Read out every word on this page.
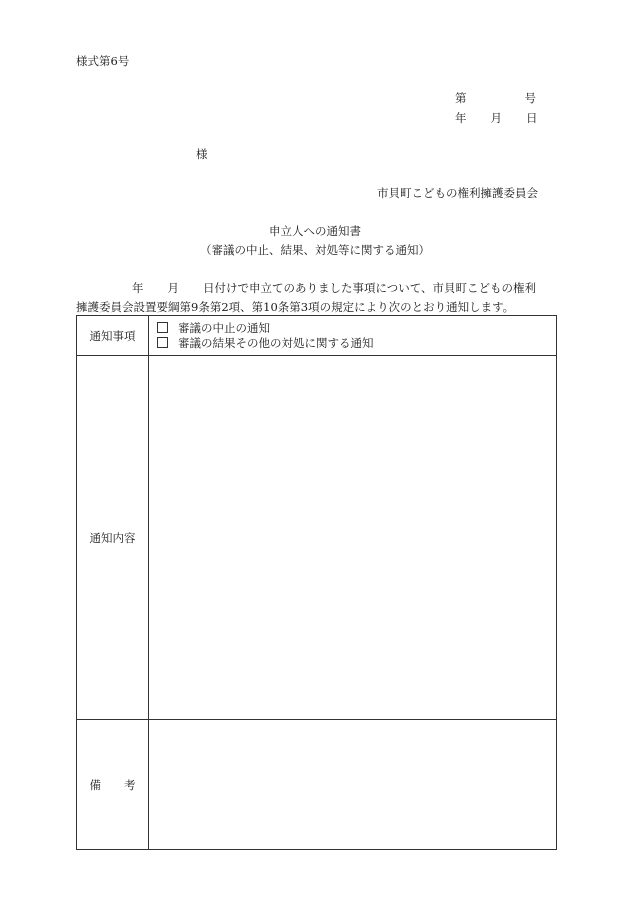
様式第6号
第	号
年 月 日
様
市貝町こどもの権利擁護委員会
申立人への通知書
（審議の中止、結果、対処等に関する通知）
年 月 日付けで申立てのありました事項について、市貝町こどもの権利
擁護委員会設置要綱第9条第2項、第10条第3項の規定により次のとおり通知します。
通知事項	審議の中止の通知
審議の結果その他の対処に関する通知

通知内容	
備　　考	
